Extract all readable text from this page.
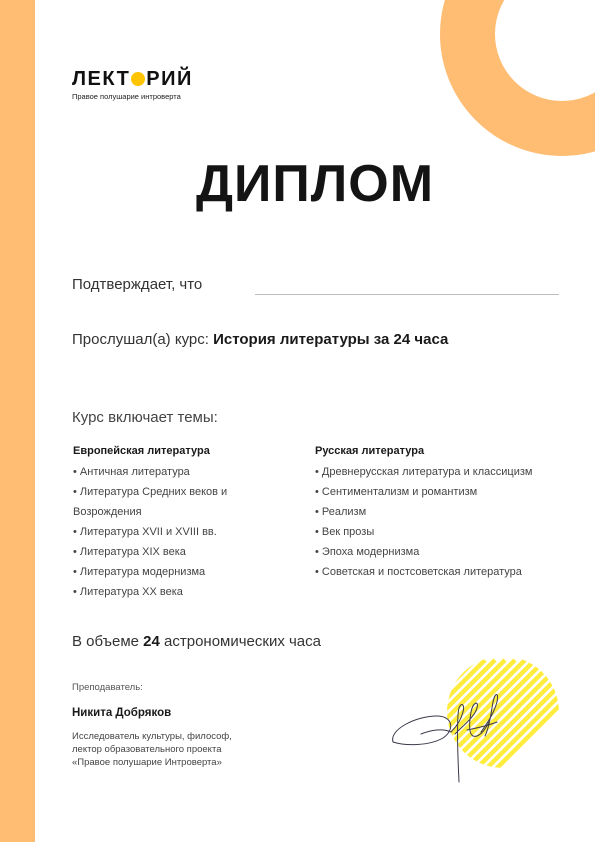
ЛЕКТ РИЙ
Правое полушарие интроверта
ДИПЛОМ
Подтверждает, что
Прослушал(а) курс: История литературы за 24 часа
Курс включает темы:
Европейская литература
• Античная литература
• Литература Средних веков и Возрождения
• Литература XVII и XVIII вв.
• Литература XIX века
• Литература модернизма
• Литература XX века
Русская литература
• Древнерусская литература и классицизм
• Сентиментализм и романтизм
• Реализм
• Век прозы
• Эпоха модернизма
• Советская и постсоветская литература
В объеме 24 астрономических часа
Преподаватель:
Никита Добряков
Исследователь культуры, философ,
лектор образовательного проекта
«Правое полушарие Интроверта»
